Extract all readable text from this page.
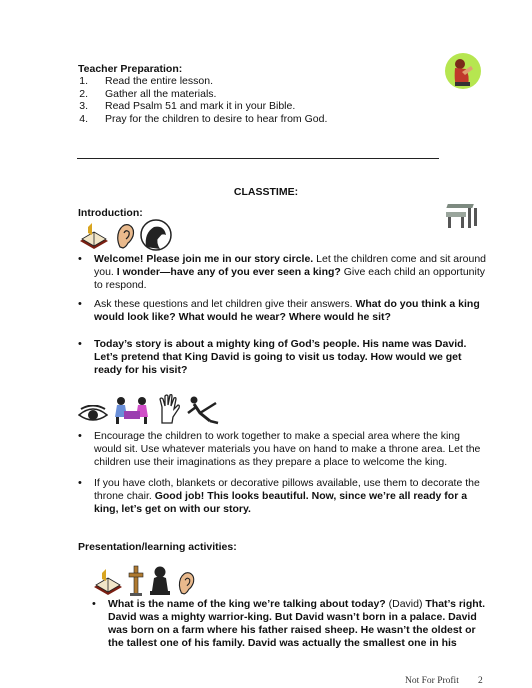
Teacher Preparation:
1. Read the entire lesson.
2. Gather all the materials.
3. Read Psalm 51 and mark it in your Bible.
4. Pray for the children to desire to hear from God.
CLASSTIME:
Introduction:
• Welcome! Please join me in our story circle. Let the children come and sit around you. I wonder—have any of you ever seen a king? Give each child an opportunity to respond.

• Ask these questions and let children give their answers. What do you think a king would look like? What would he wear? Where would he sit?

• Today’s story is about a mighty king of God’s people. His name was David. Let’s pretend that King David is going to visit us today. How would we get ready for his visit?

• Encourage the children to work together to make a special area where the king would sit. Use whatever materials you have on hand to make a throne area. Let the children use their imaginations as they prepare a place to welcome the king.

• If you have cloth, blankets or decorative pillows available, use them to decorate the throne chair. Good job! This looks beautiful. Now, since we’re all ready for a king, let’s get on with our story.

Presentation/learning activities:
• What is the name of the king we’re talking about today? (David) That’s right. David was a mighty warrior-king. But David wasn’t born in a palace. David was born on a farm where his father raised sheep. He wasn’t the oldest or the tallest one of his family. David was actually the smallest one in his

Not For Profit 2
